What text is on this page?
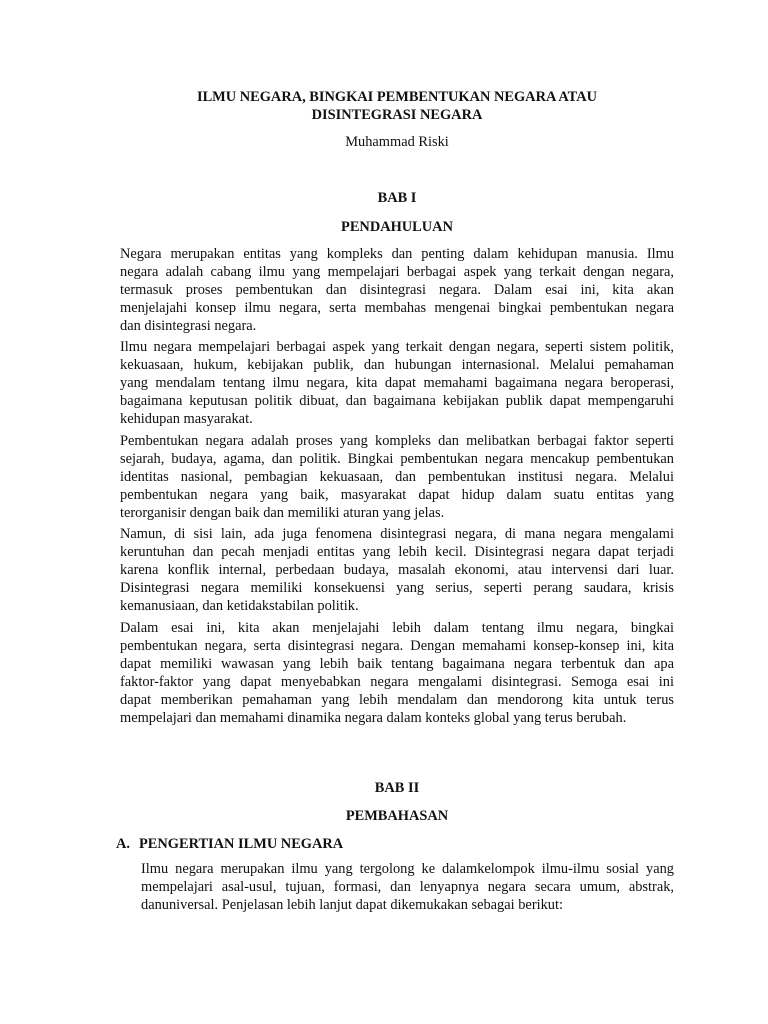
ILMU NEGARA, BINGKAI PEMBENTUKAN NEGARA ATAU
DISINTEGRASI NEGARA
Muhammad Riski
BAB I
PENDAHULUAN

Negara merupakan entitas yang kompleks dan penting dalam kehidupan manusia. Ilmu
negara adalah cabang ilmu yang mempelajari berbagai aspek yang terkait dengan negara,
termasuk proses pembentukan dan disintegrasi negara. Dalam esai ini, kita akan
menjelajahi konsep ilmu negara, serta membahas mengenai bingkai pembentukan negara
dan disintegrasi negara.

Ilmu negara mempelajari berbagai aspek yang terkait dengan negara, seperti sistem politik,
kekuasaan, hukum, kebijakan publik, dan hubungan internasional. Melalui pemahaman
yang mendalam tentang ilmu negara, kita dapat memahami bagaimana negara beroperasi,
bagaimana keputusan politik dibuat, dan bagaimana kebijakan publik dapat mempengaruhi
kehidupan masyarakat.

Pembentukan negara adalah proses yang kompleks dan melibatkan berbagai faktor seperti
sejarah, budaya, agama, dan politik. Bingkai pembentukan negara mencakup pembentukan
identitas nasional, pembagian kekuasaan, dan pembentukan institusi negara. Melalui
pembentukan negara yang baik, masyarakat dapat hidup dalam suatu entitas yang
terorganisir dengan baik dan memiliki aturan yang jelas.

Namun, di sisi lain, ada juga fenomena disintegrasi negara, di mana negara mengalami
keruntuhan dan pecah menjadi entitas yang lebih kecil. Disintegrasi negara dapat terjadi
karena konflik internal, perbedaan budaya, masalah ekonomi, atau intervensi dari luar.
Disintegrasi negara memiliki konsekuensi yang serius, seperti perang saudara, krisis
kemanusiaan, dan ketidakstabilan politik.

Dalam esai ini, kita akan menjelajahi lebih dalam tentang ilmu negara, bingkai
pembentukan negara, serta disintegrasi negara. Dengan memahami konsep-konsep ini, kita
dapat memiliki wawasan yang lebih baik tentang bagaimana negara terbentuk dan apa
faktor-faktor yang dapat menyebabkan negara mengalami disintegrasi. Semoga esai ini
dapat memberikan pemahaman yang lebih mendalam dan mendorong kita untuk terus
mempelajari dan memahami dinamika negara dalam konteks global yang terus berubah.

BAB II
PEMBAHASAN
A. PENGERTIAN ILMU NEGARA

Ilmu negara merupakan ilmu yang tergolong ke dalamkelompok ilmu-ilmu sosial yang
mempelajari asal-usul, tujuan, formasi, dan lenyapnya negara secara umum, abstrak,
danuniversal. Penjelasan lebih lanjut dapat dikemukakan sebagai berikut:
